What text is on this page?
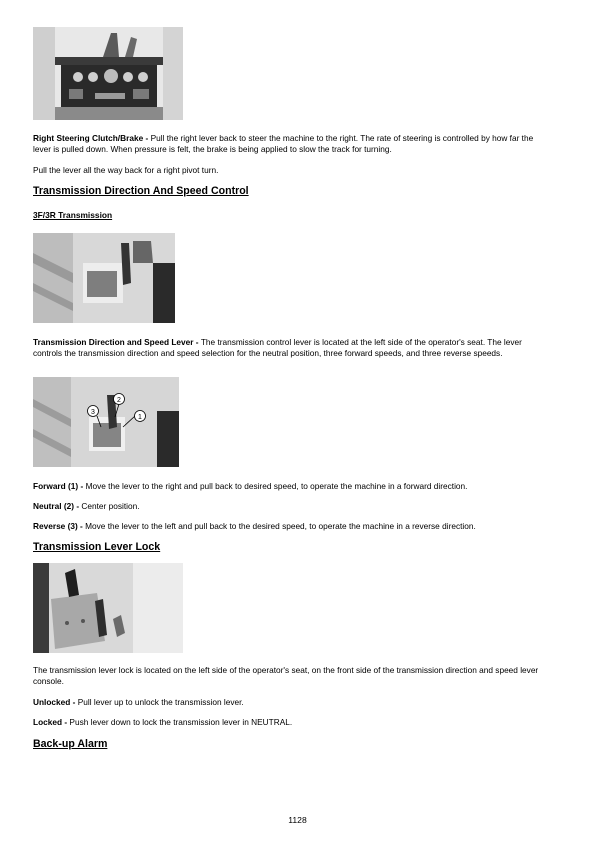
Right Steering Clutch/Brake - Pull the right lever back to steer the machine to the right. The rate of steering is controlled by how far the lever is pulled down. When pressure is felt, the brake is being applied to slow the track for turning.

Pull the lever all the way back for a right pivot turn.

Transmission Direction And Speed Control
3F/3R Transmission

Transmission Direction and Speed Lever - The transmission control lever is located at the left side of the operator's seat. The lever controls the transmission direction and speed selection for the neutral position, three forward speeds, and three reverse speeds.

2
3
1

Forward (1) - Move the lever to the right and pull back to desired speed, to operate the machine in a forward direction.

Neutral (2) - Center position.

Reverse (3) - Move the lever to the left and pull back to the desired speed, to operate the machine in a reverse direction.

Transmission Lever Lock

The transmission lever lock is located on the left side of the operator's seat, on the front side of the transmission direction and speed lever console.

Unlocked - Pull lever up to unlock the transmission lever.

Locked - Push lever down to lock the transmission lever in NEUTRAL.

Back-up Alarm
1128
